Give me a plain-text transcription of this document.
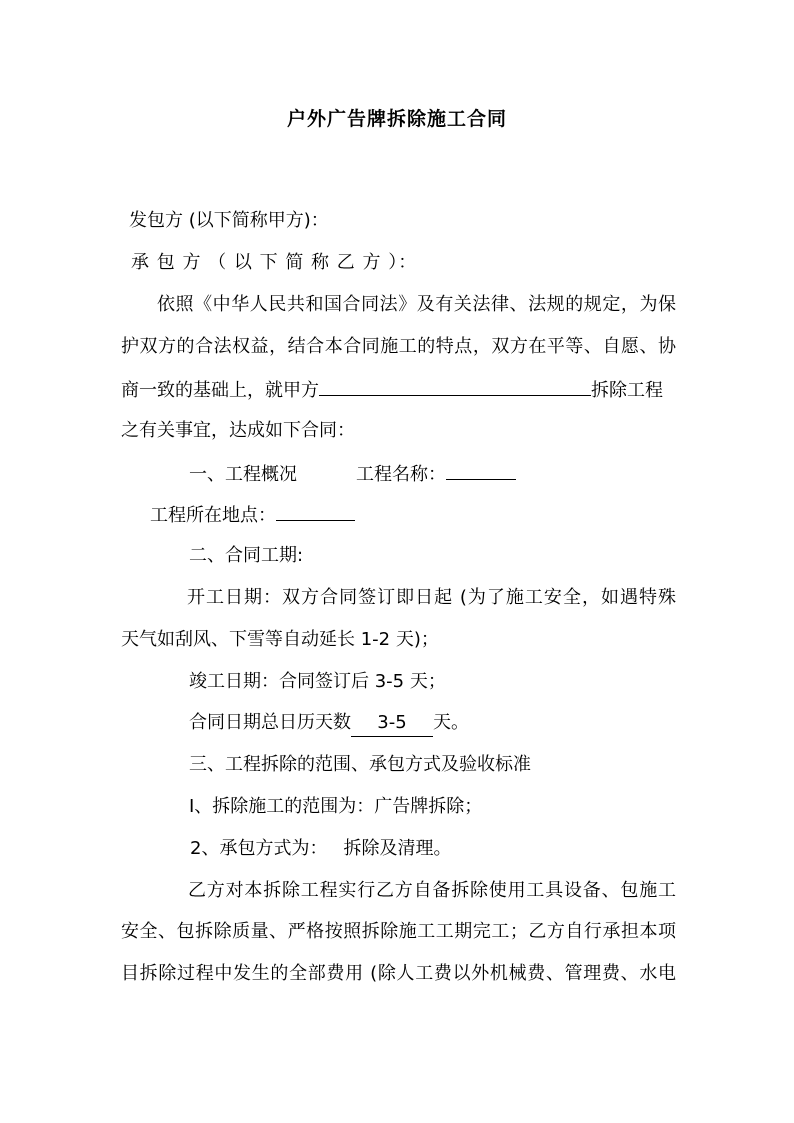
户外广告牌拆除施工合同

发包方 (以下简称甲方)：

承 包 方 （ 以 下 简 称 乙 方 ）：

依照《中华人民共和国合同法》及有关法律、法规的规定，为保

护双方的合法权益，结合本合同施工的特点，双方在平等、自愿、协

商一致的基础上，就甲方	拆除工程

之有关事宜，达成如下合同：

一、工程概况	工程名称：

工程所在地点：

二、合同工期:

开工日期：双方合同签订即日起 (为了施工安全，如遇特殊

天气如刮风、下雪等自动延长 1-2 天)；

竣工日期：合同签订后 3-5 天；

合同日期总日历天数 3-5 天。

三、工程拆除的范围、承包方式及验收标准

I、拆除施工的范围为：广告牌拆除；

2、承包方式为： 拆除及清理。

乙方对本拆除工程实行乙方自备拆除使用工具设备、包施工

安全、包拆除质量、严格按照拆除施工工期完工；乙方自行承担本项

目拆除过程中发生的全部费用 (除人工费以外机械费、管理费、水电
